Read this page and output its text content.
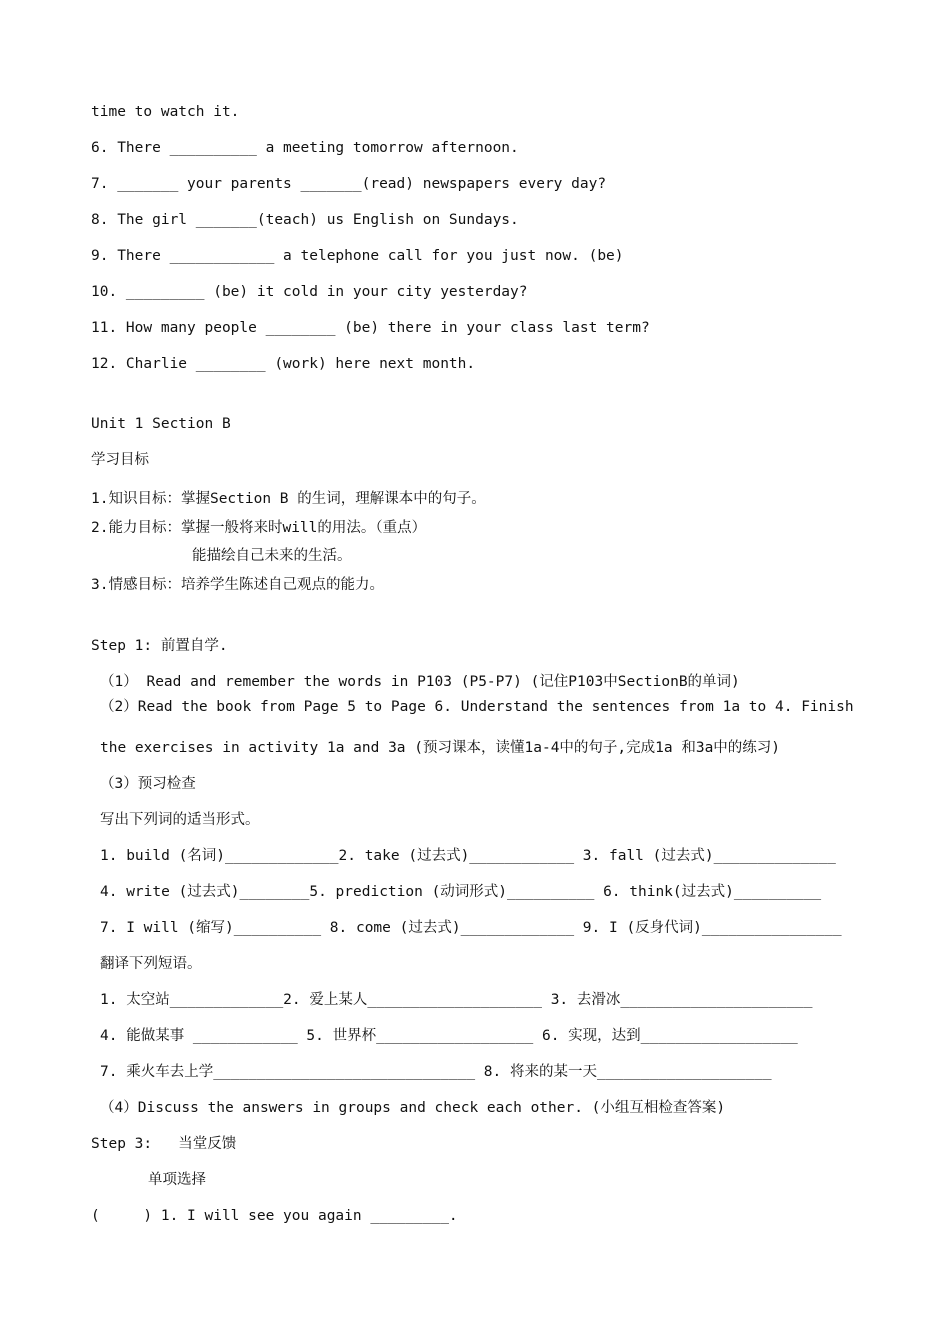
time to watch it.
6. There __________ a meeting tomorrow afternoon.
7. _______ your parents _______(read) newspapers every day?
8. The girl _______(teach) us English on Sundays.
9. There ____________ a telephone call for you just now. (be)
10. _________ (be) it cold in your city yesterday?
11. How many people ________ (be) there in your class last term?
12. Charlie ________ (work) here next month.
Unit 1 Section B
学习目标
1.知识目标：掌握Section B 的生词，理解课本中的句子。
2.能力目标：掌握一般将来时will的用法。（重点）
能描绘自己未来的生活。
3.情感目标：培养学生陈述自己观点的能力。
Step 1: 前置自学.
（1） Read and remember the words in P103 (P5-P7) (记住P103中SectionB的单词)
（2）Read the book from Page 5 to Page 6. Understand the sentences from 1a to 4. Finish
the exercises in activity 1a and 3a (预习课本，读懂1a-4中的句子,完成1a 和3a中的练习)
（3）预习检查
写出下列词的适当形式。
1. build (名词)_____________2. take (过去式)____________ 3. fall (过去式)______________
4. write (过去式)________5. prediction (动词形式)__________ 6. think(过去式)__________
7. I will (缩写)__________ 8. come (过去式)_____________ 9. I (反身代词)________________
翻译下列短语。
1. 太空站_____________2. 爱上某人____________________ 3. 去滑冰______________________
4. 能做某事 ____________ 5. 世界杯__________________ 6. 实现，达到__________________
7. 乘火车去上学______________________________ 8. 将来的某一天____________________
（4）Discuss the answers in groups and check each other. (小组互相检查答案)
Step 3:   当堂反馈
单项选择
(     ) 1. I will see you again _________.
